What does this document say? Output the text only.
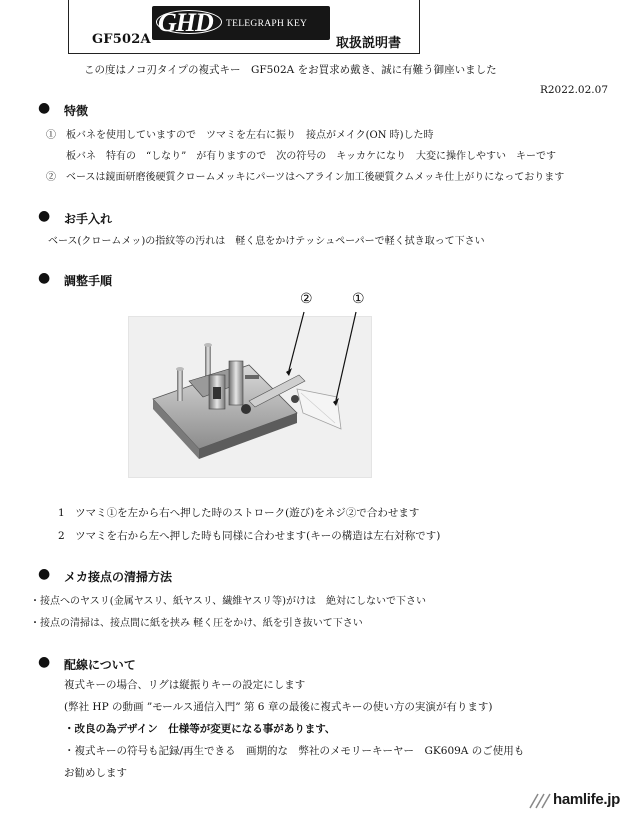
GF502A
GHD TELEGRAPH KEY
取扱説明書
この度はノコ刃タイプの複式キー　GF502A をお買求め戴き、誠に有難う御座いました
R2022.02.07
● 特徴
①　板バネを使用していますので　ツマミを左右に振り　接点がメイク(ON 時)した時
板バネ　特有の　“しなり”　が有りますので　次の符号の　キッカケになり　大変に操作しやすい　キーです
②　ベースは鏡面研磨後硬質クロームメッキにパーツはヘアライン加工後硬質クムメッキ仕上がりになっております
● お手入れ
ベース(クロームメッ)の指紋等の汚れは　軽く息をかけテッシュペーパーで軽く拭き取って下さい
● 調整手順
②	①
1　ツマミ①を左から右へ押した時のストローク(遊び)をネジ②で合わせます
2　ツマミを右から左へ押した時も同様に合わせます(キーの構造は左右対称です)
● メカ接点の清掃方法
・接点へのヤスリ(金属ヤスリ、紙ヤスリ、繊維ヤスリ等)がけは　絶対にしないで下さい
・接点の清掃は、接点間に紙を挟み 軽く圧をかけ、紙を引き抜いて下さい
● 配線について
複式キーの場合、リグは縦振りキーの設定にします
(弊社 HP の動画 ”モールス通信入門” 第 6 章の最後に複式キーの使い方の実演が有ります)
・改良の為デザイン　仕様等が変更になる事があります、
・複式キーの符号も記録/再生できる　画期的な　弊社のメモリーキーヤー　GK609A のご使用も
お勧めします
hamlife.jp
